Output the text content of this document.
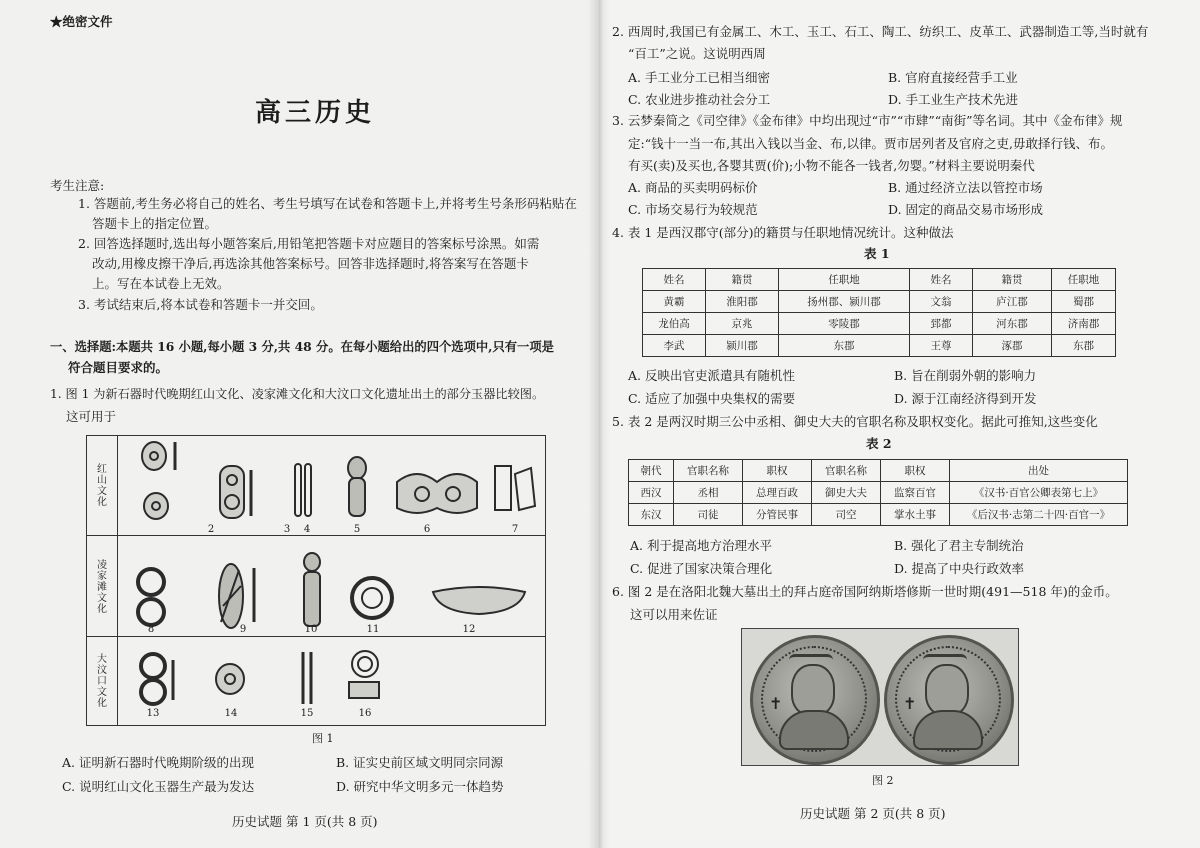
★绝密文件
高三历史
考生注意:
1. 答题前,考生务必将自己的姓名、考生号填写在试卷和答题卡上,并将考生号条形码粘贴在
答题卡上的指定位置。
2. 回答选择题时,选出每小题答案后,用铅笔把答题卡对应题目的答案标号涂黑。如需
改动,用橡皮擦干净后,再选涂其他答案标号。回答非选择题时,将答案写在答题卡
上。写在本试卷上无效。
3. 考试结束后,将本试卷和答题卡一并交回。
一、选择题:本题共 16 小题,每小题 3 分,共 48 分。在每小题给出的四个选项中,只有一项是
符合题目要求的。
1. 图 1 为新石器时代晚期红山文化、凌家滩文化和大汶口文化遗址出土的部分玉器比较图。
这可用于
红山文化
凌家滩文化
大汶口文化
2	3	4	5	6	7
8	9	10	11	12
13	14	15	16
图 1
A. 证明新石器时代晚期阶级的出现	B. 证实史前区域文明同宗同源
C. 说明红山文化玉器生产最为发达	D. 研究中华文明多元一体趋势
历史试题 第 1 页(共 8 页)
2. 西周时,我国已有金属工、木工、玉工、石工、陶工、纺织工、皮革工、武器制造工等,当时就有
“百工”之说。这说明西周
A. 手工业分工已相当细密	B. 官府直接经营手工业
C. 农业进步推动社会分工	D. 手工业生产技术先进
3. 云梦秦简之《司空律》《金布律》中均出现过“市”“市肆”“南街”等名词。其中《金布律》规
定:“钱十一当一布,其出入钱以当金、布,以律。贾市居列者及官府之吏,毋敢择行钱、布。
有买(卖)及买也,各婴其贾(价);小物不能各一钱者,勿婴。”材料主要说明秦代
A. 商品的买卖明码标价	B. 通过经济立法以管控市场
C. 市场交易行为较规范	D. 固定的商品交易市场形成
4. 表 1 是西汉郡守(部分)的籍贯与任职地情况统计。这种做法
表 1
姓名	籍贯	任职地	姓名	籍贯	任职地
黄霸	淮阳郡	扬州郡、颍川郡	文翁	庐江郡	蜀郡
龙伯高	京兆	零陵郡	郅都	河东郡	济南郡
李武	颍川郡	东郡	王尊	涿郡	东郡
A. 反映出官吏派遣具有随机性	B. 旨在削弱外朝的影响力
C. 适应了加强中央集权的需要	D. 源于江南经济得到开发
5. 表 2 是两汉时期三公中丞相、御史大夫的官职名称及职权变化。据此可推知,这些变化
表 2
朝代	官职名称	职权	官职名称	职权	出处
西汉	丞相	总理百政	御史大夫	监察百官	《汉书·百官公卿表第七上》
东汉	司徒	分管民事	司空	掌水土事	《后汉书·志第二十四·百官一》
A. 利于提高地方治理水平	B. 强化了君主专制统治
C. 促进了国家决策合理化	D. 提高了中央行政效率
6. 图 2 是在洛阳北魏大墓出土的拜占庭帝国阿纳斯塔修斯一世时期(491—518 年)的金币。
这可以用来佐证
✝	✝
图 2
历史试题 第 2 页(共 8 页)
